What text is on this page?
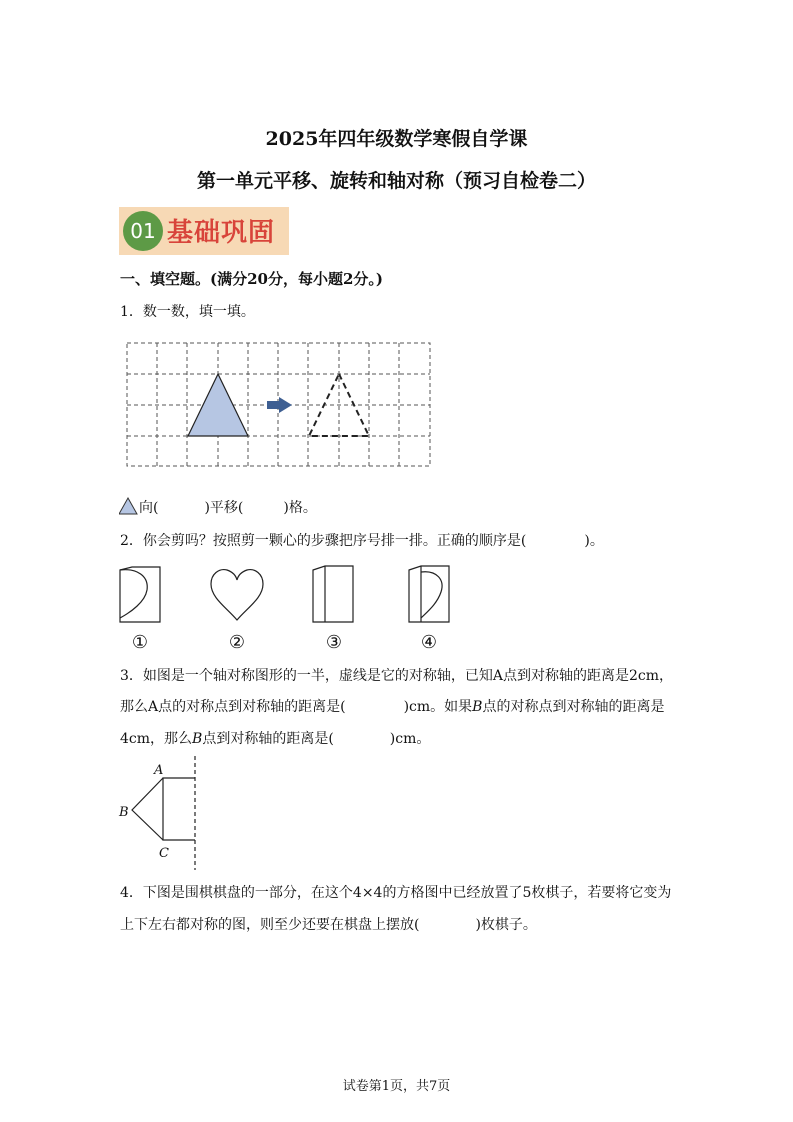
2025年四年级数学寒假自学课
第一单元平移、旋转和轴对称（预习自检卷二）
01 基础巩固
一、填空题。(满分20分，每小题2分。)
1．数一数，填一填。
向(	)平移(	)格。
2．你会剪吗？按照剪一颗心的步骤把序号排一排。正确的顺序是(	)。
①	②	③	④
3．如图是一个轴对称图形的一半，虚线是它的对称轴，已知A点到对称轴的距离是2cm，
那么A点的对称点到对称轴的距离是(	)cm。如果B点的对称点到对称轴的距离是
4cm，那么B点到对称轴的距离是(	)cm。
A
B
C
4．下图是围棋棋盘的一部分，在这个4×4的方格图中已经放置了5枚棋子，若要将它变为
上下左右都对称的图，则至少还要在棋盘上摆放(	)枚棋子。
试卷第1页，共7页
